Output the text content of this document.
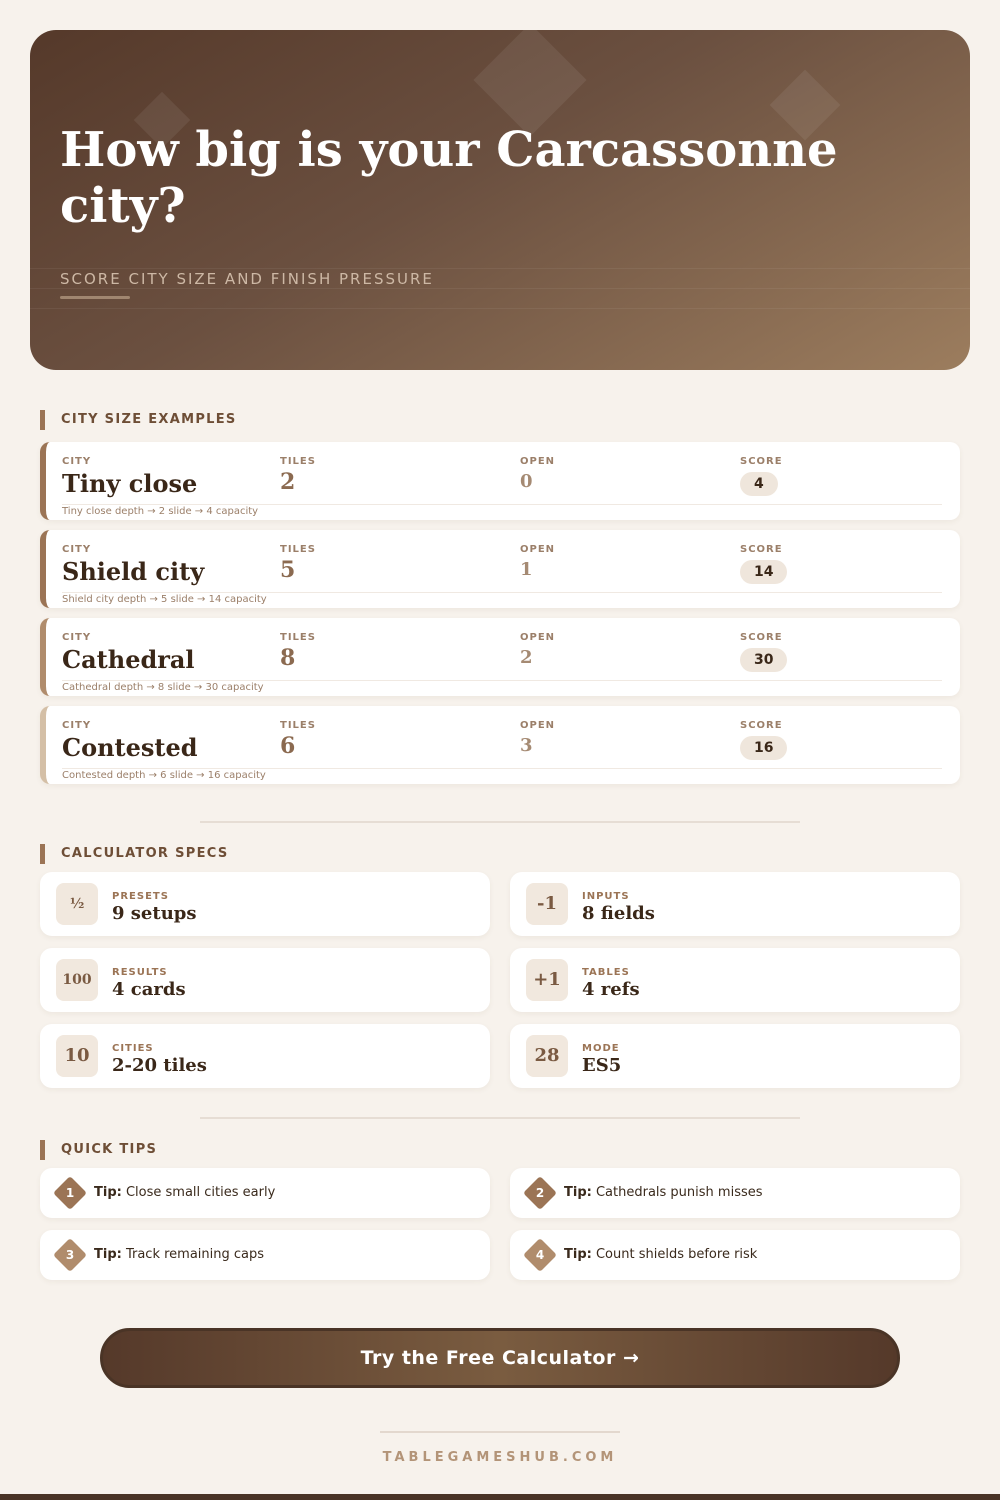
How big is your Carcassonne city?
SCORE CITY SIZE AND FINISH PRESSURE
CITY SIZE EXAMPLES
CITY
Tiny close
TILES
2
OPEN
0
SCORE
4
Tiny close depth → 2 slide → 4 capacity
CITY
Shield city
TILES
5
OPEN
1
SCORE
14
Shield city depth → 5 slide → 14 capacity
CITY
Cathedral
TILES
8
OPEN
2
SCORE
30
Cathedral depth → 8 slide → 30 capacity
CITY
Contested
TILES
6
OPEN
3
SCORE
16
Contested depth → 6 slide → 16 capacity
CALCULATOR SPECS
½	PRESETS
9 setups	-1	INPUTS
8 fields
100	RESULTS
4 cards	+1	TABLES
4 refs
10	CITIES
2-20 tiles	28	MODE
ES5
QUICK TIPS
1	Tip: Close small cities early	2	Tip: Cathedrals punish misses
3	Tip: Track remaining caps	4	Tip: Count shields before risk
Try the Free Calculator →
TABLEGAMESHUB.COM
